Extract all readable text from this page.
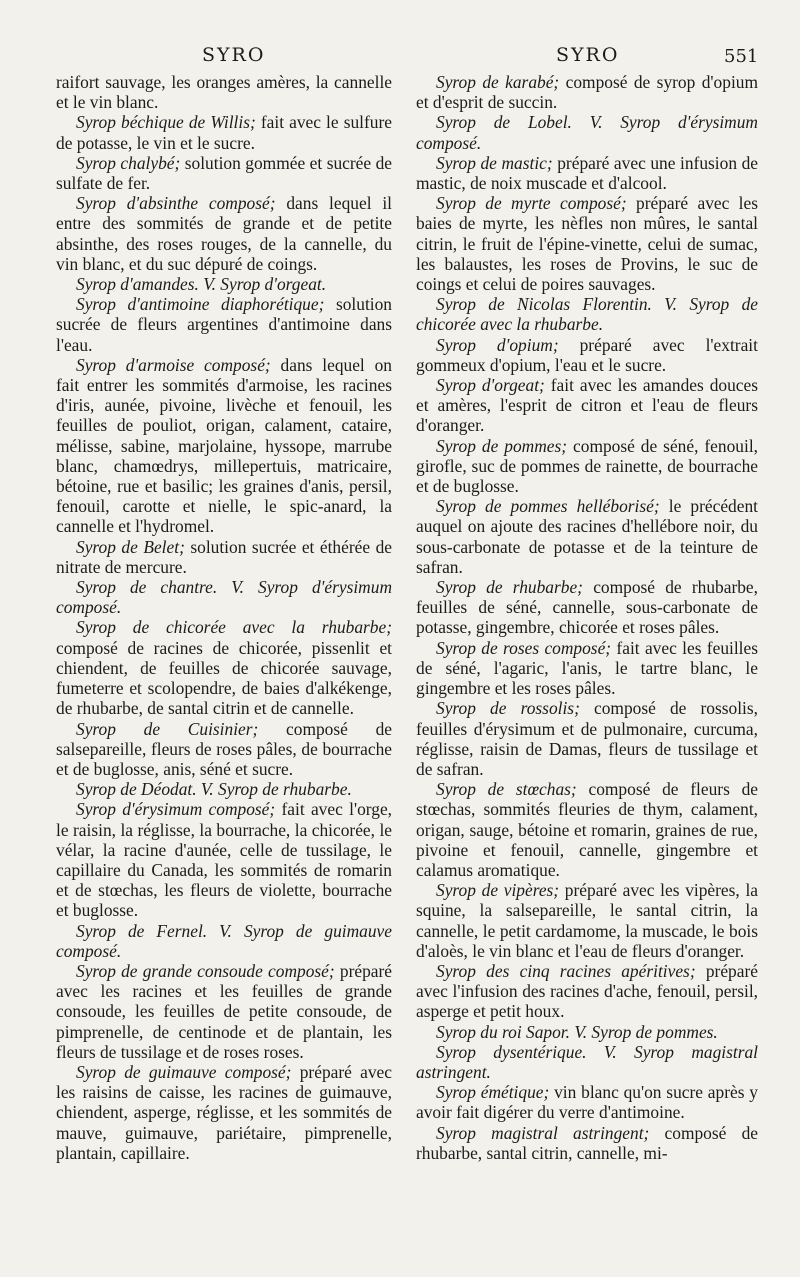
SYRO	SYRO	551

raifort sauvage, les oranges amères, la cannelle et le vin blanc.

Syrop béchique de Willis; fait avec le sulfure de potasse, le vin et le sucre.

Syrop chalybé; solution gommée et sucrée de sulfate de fer.

Syrop d'absinthe composé; dans lequel il entre des sommités de grande et de petite absinthe, des roses rouges, de la cannelle, du vin blanc, et du suc dépuré de coings.

Syrop d'amandes. V. Syrop d'orgeat.

Syrop d'antimoine diaphorétique; solution sucrée de fleurs argentines d'antimoine dans l'eau.

Syrop d'armoise composé; dans lequel on fait entrer les sommités d'armoise, les racines d'iris, aunée, pivoine, livèche et fenouil, les feuilles de pouliot, origan, calament, cataire, mélisse, sabine, marjolaine, hyssope, marrube blanc, chamœdrys, millepertuis, matricaire, bétoine, rue et basilic; les graines d'anis, persil, fenouil, carotte et nielle, le spic-anard, la cannelle et l'hydromel.

Syrop de Belet; solution sucrée et éthérée de nitrate de mercure.

Syrop de chantre. V. Syrop d'érysimum composé.

Syrop de chicorée avec la rhubarbe; composé de racines de chicorée, pissenlit et chiendent, de feuilles de chicorée sauvage, fumeterre et scolopendre, de baies d'alkékenge, de rhubarbe, de santal citrin et de cannelle.

Syrop de Cuisinier; composé de salsepareille, fleurs de roses pâles, de bourrache et de buglosse, anis, séné et sucre.

Syrop de Déodat. V. Syrop de rhubarbe.

Syrop d'érysimum composé; fait avec l'orge, le raisin, la réglisse, la bourrache, la chicorée, le vélar, la racine d'aunée, celle de tussilage, le capillaire du Canada, les sommités de romarin et de stœchas, les fleurs de violette, bourrache et buglosse.

Syrop de Fernel. V. Syrop de guimauve composé.

Syrop de grande consoude composé; préparé avec les racines et les feuilles de grande consoude, les feuilles de petite consoude, de pimprenelle, de centinode et de plantain, les fleurs de tussilage et de roses roses.

Syrop de guimauve composé; préparé avec les raisins de caisse, les racines de guimauve, chiendent, asperge, réglisse, et les sommités de mauve, guimauve, pariétaire, pimprenelle, plantain, capillaire.

Syrop de karabé; composé de syrop d'opium et d'esprit de succin.

Syrop de Lobel. V. Syrop d'érysimum composé.

Syrop de mastic; préparé avec une infusion de mastic, de noix muscade et d'alcool.

Syrop de myrte composé; préparé avec les baies de myrte, les nèfles non mûres, le santal citrin, le fruit de l'épine-vinette, celui de sumac, les balaustes, les roses de Provins, le suc de coings et celui de poires sauvages.

Syrop de Nicolas Florentin. V. Syrop de chicorée avec la rhubarbe.

Syrop d'opium; préparé avec l'extrait gommeux d'opium, l'eau et le sucre.

Syrop d'orgeat; fait avec les amandes douces et amères, l'esprit de citron et l'eau de fleurs d'oranger.

Syrop de pommes; composé de séné, fenouil, girofle, suc de pommes de rainette, de bourrache et de buglosse.

Syrop de pommes helléborisé; le précédent auquel on ajoute des racines d'hellébore noir, du sous-carbonate de potasse et de la teinture de safran.

Syrop de rhubarbe; composé de rhubarbe, feuilles de séné, cannelle, sous-carbonate de potasse, gingembre, chicorée et roses pâles.

Syrop de roses composé; fait avec les feuilles de séné, l'agaric, l'anis, le tartre blanc, le gingembre et les roses pâles.

Syrop de rossolis; composé de rossolis, feuilles d'érysimum et de pulmonaire, curcuma, réglisse, raisin de Damas, fleurs de tussilage et de safran.

Syrop de stœchas; composé de fleurs de stœchas, sommités fleuries de thym, calament, origan, sauge, bétoine et romarin, graines de rue, pivoine et fenouil, cannelle, gingembre et calamus aromatique.

Syrop de vipères; préparé avec les vipères, la squine, la salsepareille, le santal citrin, la cannelle, le petit cardamome, la muscade, le bois d'aloès, le vin blanc et l'eau de fleurs d'oranger.

Syrop des cinq racines apéritives; préparé avec l'infusion des racines d'ache, fenouil, persil, asperge et petit houx.

Syrop du roi Sapor. V. Syrop de pommes.

Syrop dysentérique. V. Syrop magistral astringent.

Syrop émétique; vin blanc qu'on sucre après y avoir fait digérer du verre d'antimoine.

Syrop magistral astringent; composé de rhubarbe, santal citrin, cannelle, mi-
